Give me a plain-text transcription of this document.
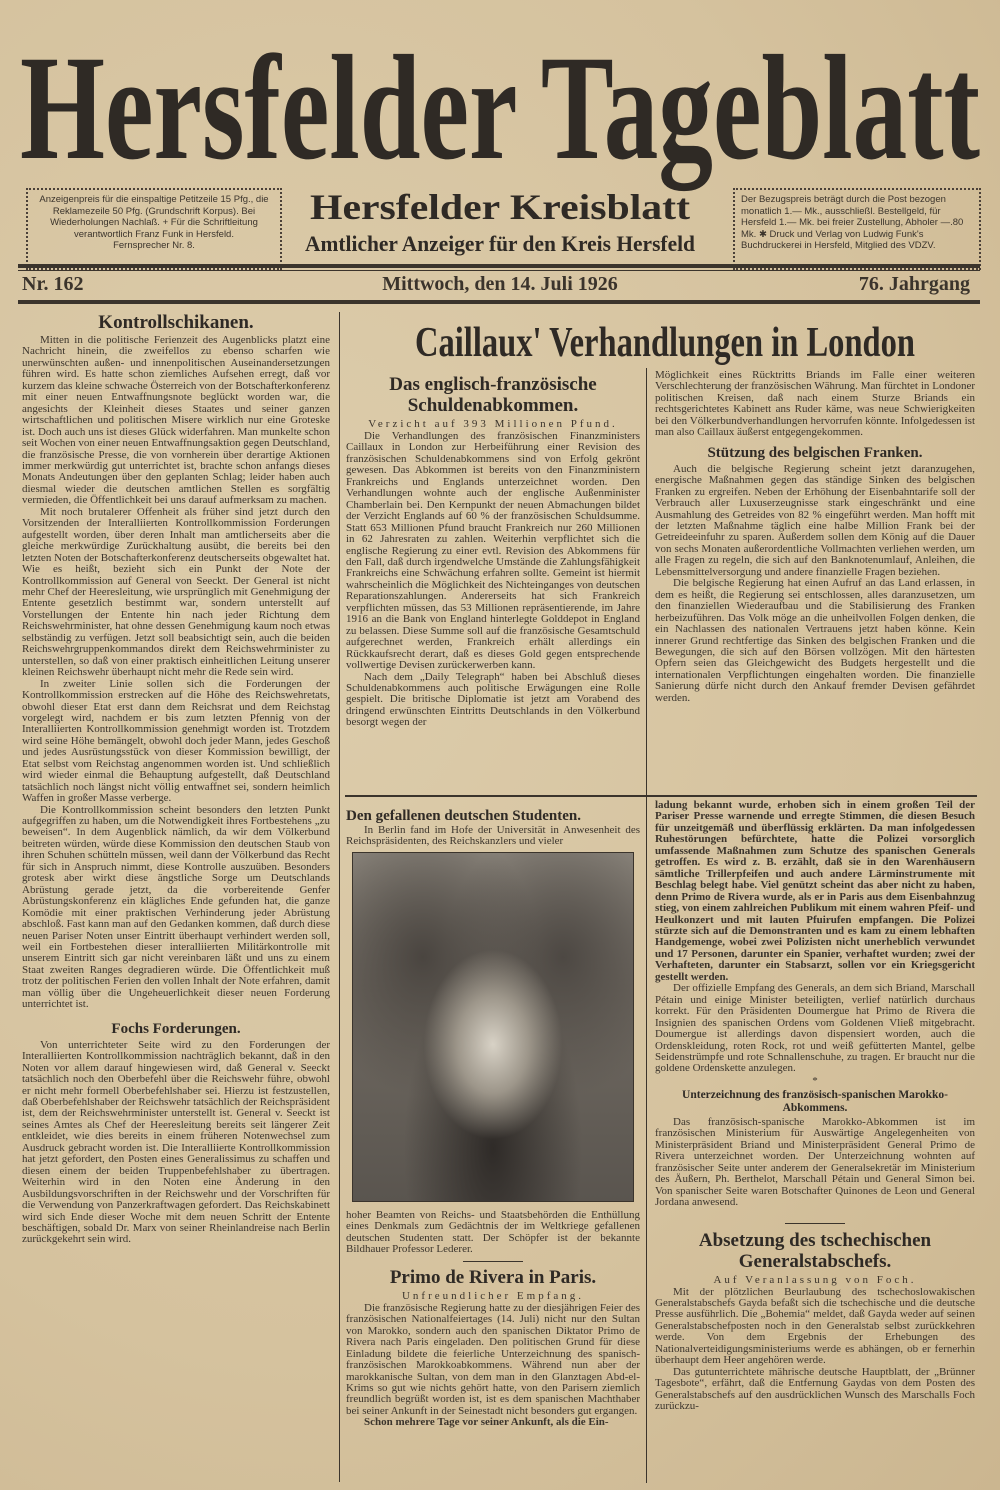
Hersfelder Tageblatt
Anzeigenpreis für die einspaltige Petitzeile 15 Pfg., die Reklamezeile 50 Pfg. (Grundschrift Korpus). Bei Wiederholungen Nachlaß. + Für die Schriftleitung verantwortlich Franz Funk in Hersfeld.
Fernsprecher Nr. 8.
Hersfelder Kreisblatt
Amtlicher Anzeiger für den Kreis Hersfeld
Der Bezugspreis beträgt durch die Post bezogen monatlich 1.— Mk., ausschließl. Bestellgeld, für Hersfeld 1.— Mk. bei freier Zustellung, Abholer —.80 Mk. ✱ Druck und Verlag von Ludwig Funk's Buchdruckerei in Hersfeld, Mitglied des VDZV.
Nr. 162	Mittwoch, den 14. Juli 1926	76. Jahrgang
Kontrollschikanen.

Mitten in die politische Ferienzeit des Augenblicks platzt eine Nachricht hinein, die zweifellos zu ebenso scharfen wie unerwünschten außen- und innenpolitischen Auseinandersetzungen führen wird. Es hatte schon ziemliches Aufsehen erregt, daß vor kurzem das kleine schwache Österreich von der Botschafterkonferenz mit einer neuen Entwaffnungsnote beglückt worden war, die angesichts der Kleinheit dieses Staates und seiner ganzen wirtschaftlichen und politischen Misere wirklich nur eine Groteske ist. Doch auch uns ist dieses Glück widerfahren. Man munkelte schon seit Wochen von einer neuen Entwaffnungsaktion gegen Deutschland, die französische Presse, die von vornherein über derartige Aktionen immer merkwürdig gut unterrichtet ist, brachte schon anfangs dieses Monats Andeutungen über den geplanten Schlag; leider haben auch diesmal wieder die deutschen amtlichen Stellen es sorgfältig vermieden, die Öffentlichkeit bei uns darauf aufmerksam zu machen.

Mit noch brutalerer Offenheit als früher sind jetzt durch den Vorsitzenden der Interalliierten Kontrollkommission Forderungen aufgestellt worden, über deren Inhalt man amtlicherseits aber die gleiche merkwürdige Zurückhaltung ausübt, die bereits bei den letzten Noten der Botschafterkonferenz deutscherseits obgewaltet hat. Wie es heißt, bezieht sich ein Punkt der Note der Kontrollkommission auf General von Seeckt. Der General ist nicht mehr Chef der Heeresleitung, wie ursprünglich mit Genehmigung der Entente gesetzlich bestimmt war, sondern unterstellt auf Vorstellungen der Entente hin nach jeder Richtung dem Reichswehrminister, hat ohne dessen Genehmigung kaum noch etwas selbständig zu verfügen. Jetzt soll beabsichtigt sein, auch die beiden Reichswehrgruppenkommandos direkt dem Reichswehrminister zu unterstellen, so daß von einer praktisch einheitlichen Leitung unserer kleinen Reichswehr überhaupt nicht mehr die Rede sein wird.

In zweiter Linie sollen sich die Forderungen der Kontrollkommission erstrecken auf die Höhe des Reichswehretats, obwohl dieser Etat erst dann dem Reichsrat und dem Reichstag vorgelegt wird, nachdem er bis zum letzten Pfennig von der Interalliierten Kontrollkommission genehmigt worden ist. Trotzdem wird seine Höhe bemängelt, obwohl doch jeder Mann, jedes Geschoß und jedes Ausrüstungsstück von dieser Kommission bewilligt, der Etat selbst vom Reichstag angenommen worden ist. Und schließlich wird wieder einmal die Behauptung aufgestellt, daß Deutschland tatsächlich noch längst nicht völlig entwaffnet sei, sondern heimlich Waffen in großer Masse verberge.

Die Kontrollkommission scheint besonders den letzten Punkt aufgegriffen zu haben, um die Notwendigkeit ihres Fortbestehens „zu beweisen“. In dem Augenblick nämlich, da wir dem Völkerbund beitreten würden, würde diese Kommission den deutschen Staub von ihren Schuhen schütteln müssen, weil dann der Völkerbund das Recht für sich in Anspruch nimmt, diese Kontrolle auszuüben. Besonders grotesk aber wirkt diese ängstliche Sorge um Deutschlands Abrüstung gerade jetzt, da die vorbereitende Genfer Abrüstungskonferenz ein klägliches Ende gefunden hat, die ganze Komödie mit einer praktischen Verhinderung jeder Abrüstung abschloß. Fast kann man auf den Gedanken kommen, daß durch diese neuen Pariser Noten unser Eintritt überhaupt verhindert werden soll, weil ein Fortbestehen dieser interalliierten Militärkontrolle mit unserem Eintritt sich gar nicht vereinbaren läßt und uns zu einem Staat zweiten Ranges degradieren würde. Die Öffentlichkeit muß trotz der politischen Ferien den vollen Inhalt der Note erfahren, damit man völlig über die Ungeheuerlichkeit dieser neuen Forderung unterrichtet ist.

Fochs Forderungen.

Von unterrichteter Seite wird zu den Forderungen der Interalliierten Kontrollkommission nachträglich bekannt, daß in den Noten vor allem darauf hingewiesen wird, daß General v. Seeckt tatsächlich noch den Oberbefehl über die Reichswehr führe, obwohl er nicht mehr formell Oberbefehlshaber sei. Hierzu ist festzustellen, daß Oberbefehlshaber der Reichswehr tatsächlich der Reichspräsident ist, dem der Reichswehrminister unterstellt ist. General v. Seeckt ist seines Amtes als Chef der Heeresleitung bereits seit längerer Zeit entkleidet, wie dies bereits in einem früheren Notenwechsel zum Ausdruck gebracht worden ist. Die Interalliierte Kontrollkommission hat jetzt gefordert, den Posten eines Generalissimus zu schaffen und diesen einem der beiden Truppenbefehlshaber zu übertragen. Weiterhin wird in den Noten eine Änderung in den Ausbildungsvorschriften in der Reichswehr und der Vorschriften für die Verwendung von Panzerkraftwagen gefordert. Das Reichskabinett wird sich Ende dieser Woche mit dem neuen Schritt der Entente beschäftigen, sobald Dr. Marx von seiner Rheinlandreise nach Berlin zurückgekehrt sein wird.

Caillaux' Verhandlungen in London
Das englisch-französische Schuldenabkommen.
Verzicht auf 393 Millionen Pfund.

Die Verhandlungen des französischen Finanzministers Caillaux in London zur Herbeiführung einer Revision des französischen Schuldenabkommens sind von Erfolg gekrönt gewesen. Das Abkommen ist bereits von den Finanzministern Frankreichs und Englands unterzeichnet worden. Den Verhandlungen wohnte auch der englische Außenminister Chamberlain bei. Den Kernpunkt der neuen Abmachungen bildet der Verzicht Englands auf 60 % der französischen Schuldsumme. Statt 653 Millionen Pfund braucht Frankreich nur 260 Millionen in 62 Jahresraten zu zahlen. Weiterhin verpflichtet sich die englische Regierung zu einer evtl. Revision des Abkommens für den Fall, daß durch irgendwelche Umstände die Zahlungsfähigkeit Frankreichs eine Schwächung erfahren sollte. Gemeint ist hiermit wahrscheinlich die Möglichkeit des Nichteinganges von deutschen Reparationszahlungen. Andererseits hat sich Frankreich verpflichten müssen, das 53 Millionen repräsentierende, im Jahre 1916 an die Bank von England hinterlegte Golddepot in England zu belassen. Diese Summe soll auf die französische Gesamtschuld aufgerechnet werden, Frankreich erhält allerdings ein Rückkaufsrecht derart, daß es dieses Gold gegen entsprechende vollwertige Devisen zurückerwerben kann.

Nach dem „Daily Telegraph“ haben bei Abschluß dieses Schuldenabkommens auch politische Erwägungen eine Rolle gespielt. Die britische Diplomatie ist jetzt am Vorabend des dringend erwünschten Eintritts Deutschlands in den Völkerbund besorgt wegen der

Möglichkeit eines Rücktritts Briands im Falle einer weiteren Verschlechterung der französischen Währung. Man fürchtet in Londoner politischen Kreisen, daß nach einem Sturze Briands ein rechtsgerichtetes Kabinett ans Ruder käme, was neue Schwierigkeiten bei den Völkerbundverhandlungen hervorrufen könnte. Infolgedessen ist man also Caillaux äußerst entgegengekommen.

Stützung des belgischen Franken.

Auch die belgische Regierung scheint jetzt daranzugehen, energische Maßnahmen gegen das ständige Sinken des belgischen Franken zu ergreifen. Neben der Erhöhung der Eisenbahntarife soll der Verbrauch aller Luxuserzeugnisse stark eingeschränkt und eine Ausmahlung des Getreides von 82 % eingeführt werden. Man hofft mit der letzten Maßnahme täglich eine halbe Million Frank bei der Getreideeinfuhr zu sparen. Außerdem sollen dem König auf die Dauer von sechs Monaten außerordentliche Vollmachten verliehen werden, um alle Fragen zu regeln, die sich auf den Banknotenumlauf, Anleihen, die Lebensmittelversorgung und andere finanzielle Fragen beziehen.

Die belgische Regierung hat einen Aufruf an das Land erlassen, in dem es heißt, die Regierung sei entschlossen, alles daranzusetzen, um den finanziellen Wiederaufbau und die Stabilisierung des Franken herbeizuführen. Das Volk möge an die unheilvollen Folgen denken, die ein Nachlassen des nationalen Vertrauens jetzt haben könne. Kein innerer Grund rechtfertige das Sinken des belgischen Franken und die Bewegungen, die sich auf den Börsen vollzögen. Mit den härtesten Opfern seien das Gleichgewicht des Budgets hergestellt und die internationalen Verpflichtungen eingehalten worden. Die finanzielle Sanierung dürfe nicht durch den Ankauf fremder Devisen gefährdet werden.

Den gefallenen deutschen Studenten.

In Berlin fand im Hofe der Universität in Anwesenheit des Reichspräsidenten, des Reichskanzlers und vieler

hoher Beamten von Reichs- und Staatsbehörden die Enthüllung eines Denkmals zum Gedächtnis der im Weltkriege gefallenen deutschen Studenten statt. Der Schöpfer ist der bekannte Bildhauer Professor Lederer.

Primo de Rivera in Paris.
Unfreundlicher Empfang.

Die französische Regierung hatte zu der diesjährigen Feier des französischen Nationalfeiertages (14. Juli) nicht nur den Sultan von Marokko, sondern auch den spanischen Diktator Primo de Rivera nach Paris eingeladen. Den politischen Grund für diese Einladung bildete die feierliche Unterzeichnung des spanisch-französischen Marokkoabkommens. Während nun aber der marokkanische Sultan, von dem man in den Glanztagen Abd-el-Krims so gut wie nichts gehört hatte, von den Parisern ziemlich freundlich begrüßt worden ist, ist es dem spanischen Machthaber bei seiner Ankunft in der Seinestadt nicht besonders gut ergangen.

Schon mehrere Tage vor seiner Ankunft, als die Ein-

ladung bekannt wurde, erhoben sich in einem großen Teil der Pariser Presse warnende und erregte Stimmen, die diesen Besuch für unzeitgemäß und überflüssig erklärten. Da man infolgedessen Ruhestörungen befürchtete, hatte die Polizei vorsorglich umfassende Maßnahmen zum Schutze des spanischen Generals getroffen. Es wird z. B. erzählt, daß sie in den Warenhäusern sämtliche Trillerpfeifen und auch andere Lärminstrumente mit Beschlag belegt habe. Viel genützt scheint das aber nicht zu haben, denn Primo de Rivera wurde, als er in Paris aus dem Eisenbahnzug stieg, von einem zahlreichen Publikum mit einem wahren Pfeif- und Heulkonzert und mit lauten Pfuirufen empfangen. Die Polizei stürzte sich auf die Demonstranten und es kam zu einem lebhaften Handgemenge, wobei zwei Polizisten nicht unerheblich verwundet und 17 Personen, darunter ein Spanier, verhaftet wurden; zwei der Verhafteten, darunter ein Stabsarzt, sollen vor ein Kriegsgericht gestellt werden.

Der offizielle Empfang des Generals, an dem sich Briand, Marschall Pétain und einige Minister beteiligten, verlief natürlich durchaus korrekt. Für den Präsidenten Doumergue hat Primo de Rivera die Insignien des spanischen Ordens vom Goldenen Vließ mitgebracht. Doumergue ist allerdings davon dispensiert worden, auch die Ordenskleidung, roten Rock, rot und weiß gefütterten Mantel, gelbe Seidenstrümpfe und rote Schnallenschuhe, zu tragen. Er braucht nur die goldene Ordenskette anzulegen.

*
Unterzeichnung des französisch-spanischen Marokko-Abkommens.

Das französisch-spanische Marokko-Abkommen ist im französischen Ministerium für Auswärtige Angelegenheiten von Ministerpräsident Briand und Ministerpräsident General Primo de Rivera unterzeichnet worden. Der Unterzeichnung wohnten auf französischer Seite unter anderem der Generalsekretär im Ministerium des Äußern, Ph. Berthelot, Marschall Pétain und General Simon bei. Von spanischer Seite waren Botschafter Quinones de Leon und General Jordana anwesend.

Absetzung des tschechischen Generalstabschefs.
Auf Veranlassung von Foch.

Mit der plötzlichen Beurlaubung des tschechoslowakischen Generalstabschefs Gayda befaßt sich die tschechische und die deutsche Presse ausführlich. Die „Bohemia“ meldet, daß Gayda weder auf seinen Generalstabschefposten noch in den Generalstab selbst zurückkehren werde. Von dem Ergebnis der Erhebungen des Nationalverteidigungsministeriums werde es abhängen, ob er fernerhin überhaupt dem Heer angehören werde.

Das gutunterrichtete mährische deutsche Hauptblatt, der „Brünner Tagesbote“, erfährt, daß die Entfernung Gaydas von dem Posten des Generalstabschefs auf den ausdrücklichen Wunsch des Marschalls Foch zurückzu-
